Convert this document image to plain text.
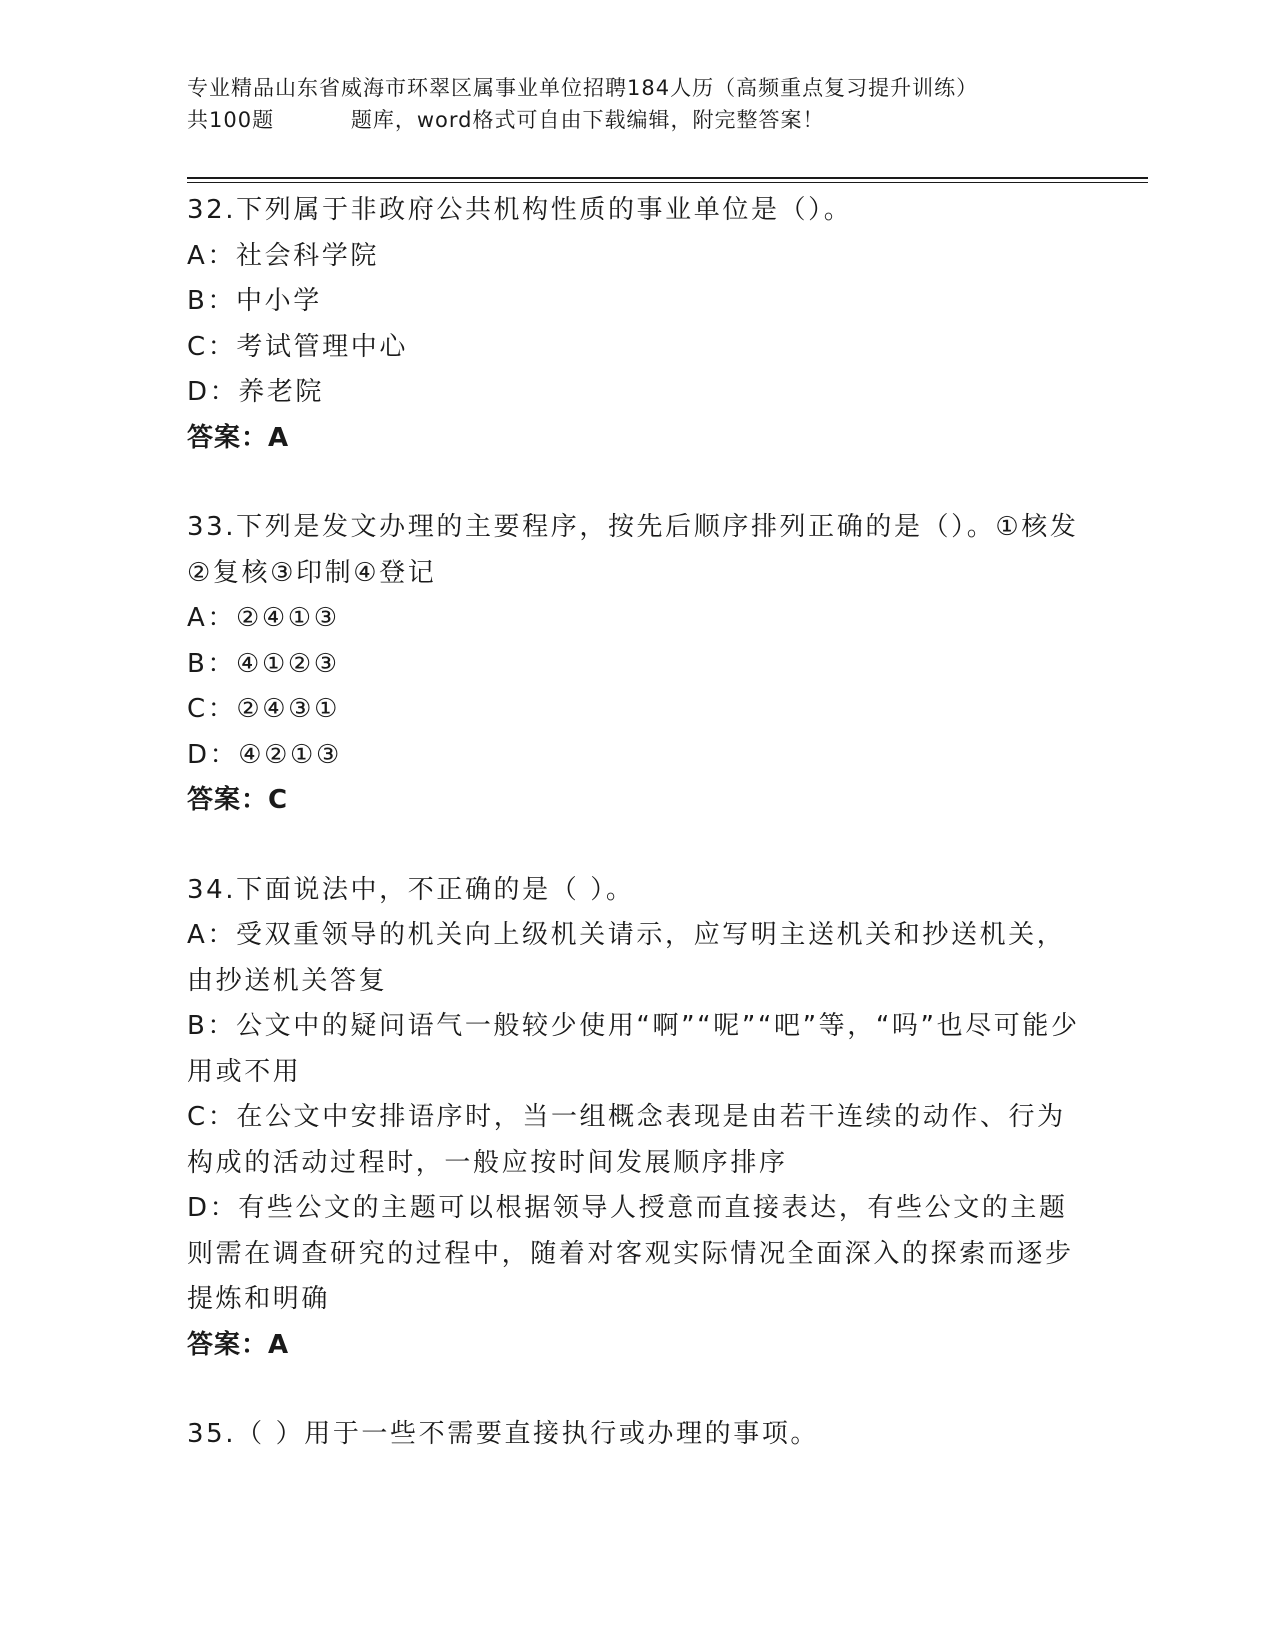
专业精品山东省威海市环翠区属事业单位招聘184人历（高频重点复习提升训练）
共100题          题库，word格式可自由下载编辑，附完整答案！
32.下列属于非政府公共机构性质的事业单位是（）。
A：社会科学院
B：中小学
C：考试管理中心
D：养老院
答案：A
33.下列是发文办理的主要程序，按先后顺序排列正确的是（）。①核发②复核③印制④登记
A：②④①③
B：④①②③
C：②④③①
D：④②①③
答案：C
34.下面说法中，不正确的是（ ）。
A：受双重领导的机关向上级机关请示，应写明主送机关和抄送机关，由抄送机关答复
B：公文中的疑问语气一般较少使用“啊”“呢”“吧”等，“吗”也尽可能少用或不用
C：在公文中安排语序时，当一组概念表现是由若干连续的动作、行为构成的活动过程时，一般应按时间发展顺序排序
D：有些公文的主题可以根据领导人授意而直接表达，有些公文的主题则需在调查研究的过程中，随着对客观实际情况全面深入的探索而逐步提炼和明确
答案：A
35.（ ）用于一些不需要直接执行或办理的事项。
